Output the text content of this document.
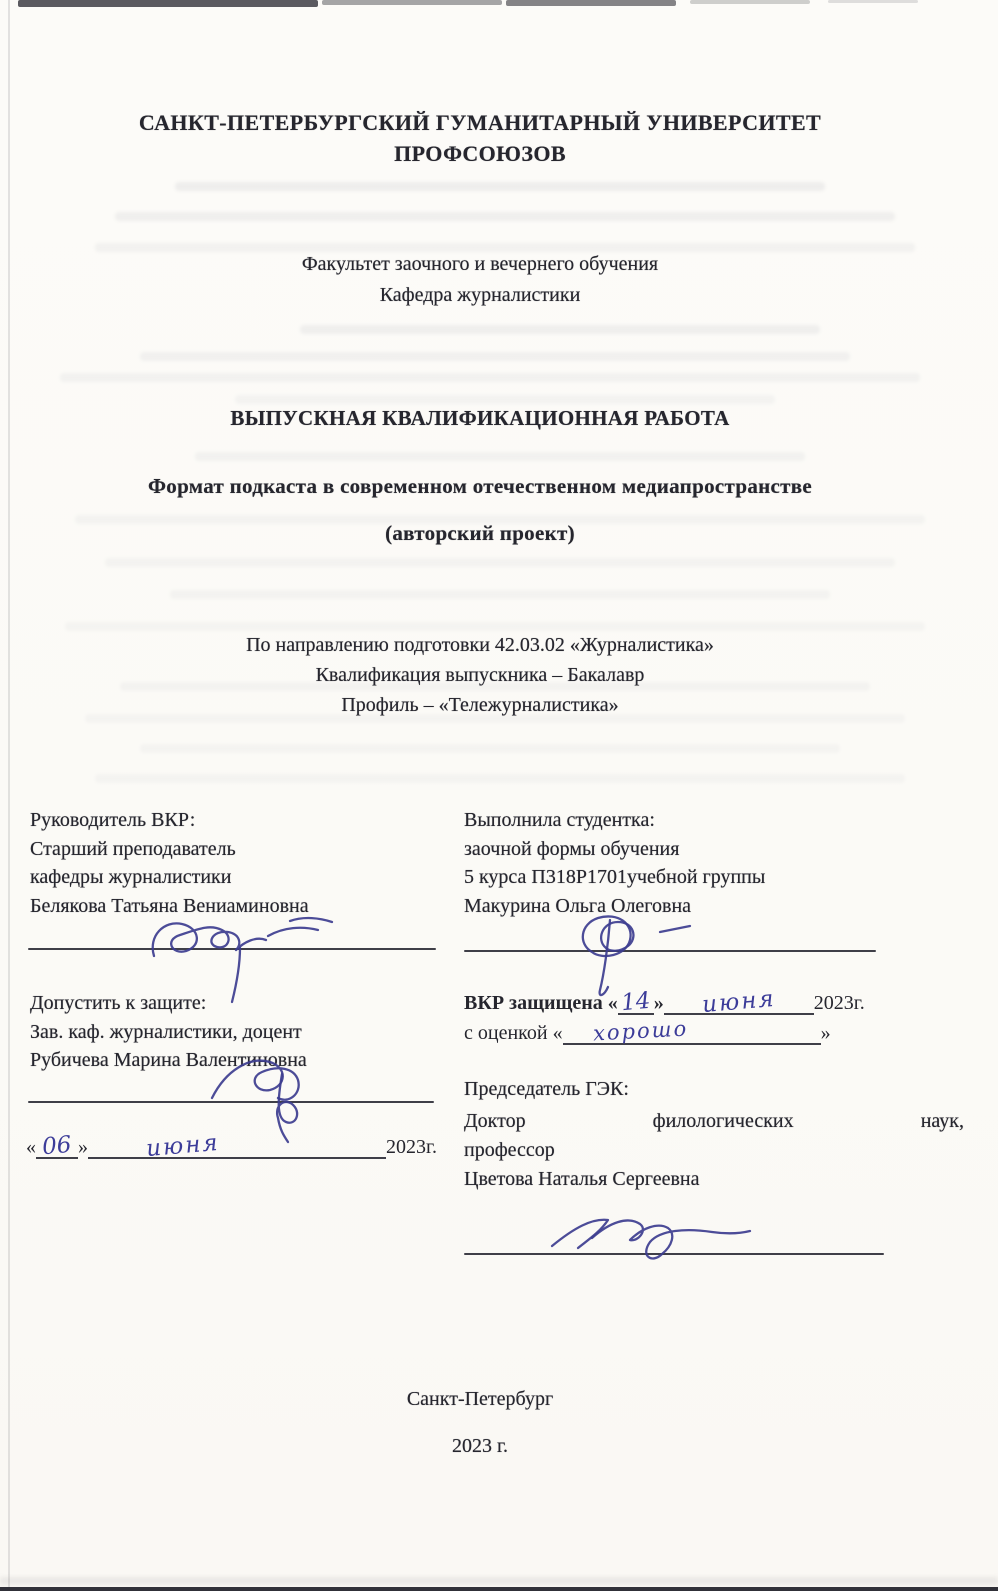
САНКТ-ПЕТЕРБУРГСКИЙ ГУМАНИТАРНЫЙ УНИВЕРСИТЕТ
ПРОФСОЮЗОВ
Факультет заочного и вечернего обучения
Кафедра журналистики
ВЫПУСКНАЯ КВАЛИФИКАЦИОННАЯ РАБОТА
Формат подкаста в современном отечественном медиапространстве
(авторский проект)
По направлению подготовки 42.03.02 «Журналистика»
Квалификация выпускника – Бакалавр
Профиль – «Тележурналистика»
Руководитель ВКР:
Старший преподаватель
кафедры журналистики
Белякова Татьяна Вениаминовна
Выполнила студентка:
заочной формы обучения
5 курса П318Р1701учебной группы
Макурина Ольга Олеговна
Допустить к защите:
Зав. каф. журналистики, доцент
Рубичева Марина Валентиновна
« 06 » июня	2023г.
ВКР защищена « 14 » июня 2023г.
с оценкой « хорошо	»
Председатель ГЭК:
Доктор	филологических	наук,
профессор
Цветова Наталья Сергеевна
Санкт-Петербург
2023 г.
